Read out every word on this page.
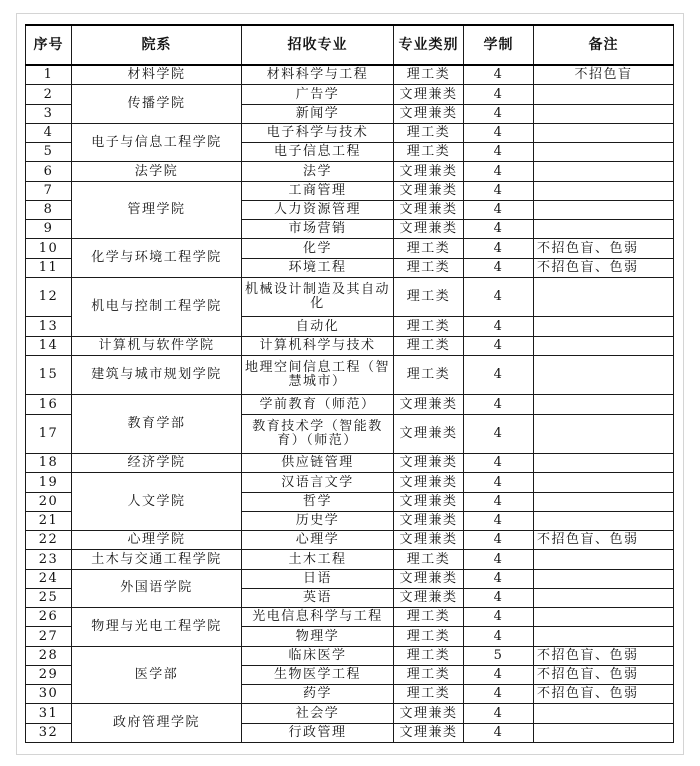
序号	院系	招收专业	专业类别	学制	备注
1	材料学院	材料科学与工程	理工类	4	不招色盲
2	传播学院	广告学	文理兼类	4	
3		新闻学	文理兼类	4	
4	电子与信息工程学院	电子科学与技术	理工类	4	
5		电子信息工程	理工类	4	
6	法学院	法学	文理兼类	4	
7	管理学院	工商管理	文理兼类	4	
8		人力资源管理	文理兼类	4	
9		市场营销	文理兼类	4	
10	化学与环境工程学院	化学	理工类	4	不招色盲、色弱
11		环境工程	理工类	4	不招色盲、色弱
12	机电与控制工程学院	机械设计制造及其自动化	理工类	4	
13		自动化	理工类	4	
14	计算机与软件学院	计算机科学与技术	理工类	4	
15	建筑与城市规划学院	地理空间信息工程（智慧城市）	理工类	4	
16	教育学部	学前教育（师范）	文理兼类	4	
17		教育技术学（智能教育）（师范）	文理兼类	4	
18	经济学院	供应链管理	文理兼类	4	
19	人文学院	汉语言文学	文理兼类	4	
20		哲学	文理兼类	4	
21		历史学	文理兼类	4	
22	心理学院	心理学	文理兼类	4	不招色盲、色弱
23	土木与交通工程学院	土木工程	理工类	4	
24	外国语学院	日语	文理兼类	4	
25		英语	文理兼类	4	
26	物理与光电工程学院	光电信息科学与工程	理工类	4	
27		物理学	理工类	4	
28	医学部	临床医学	理工类	5	不招色盲、色弱
29		生物医学工程	理工类	4	不招色盲、色弱
30		药学	理工类	4	不招色盲、色弱
31	政府管理学院	社会学	文理兼类	4	
32		行政管理	文理兼类	4	
